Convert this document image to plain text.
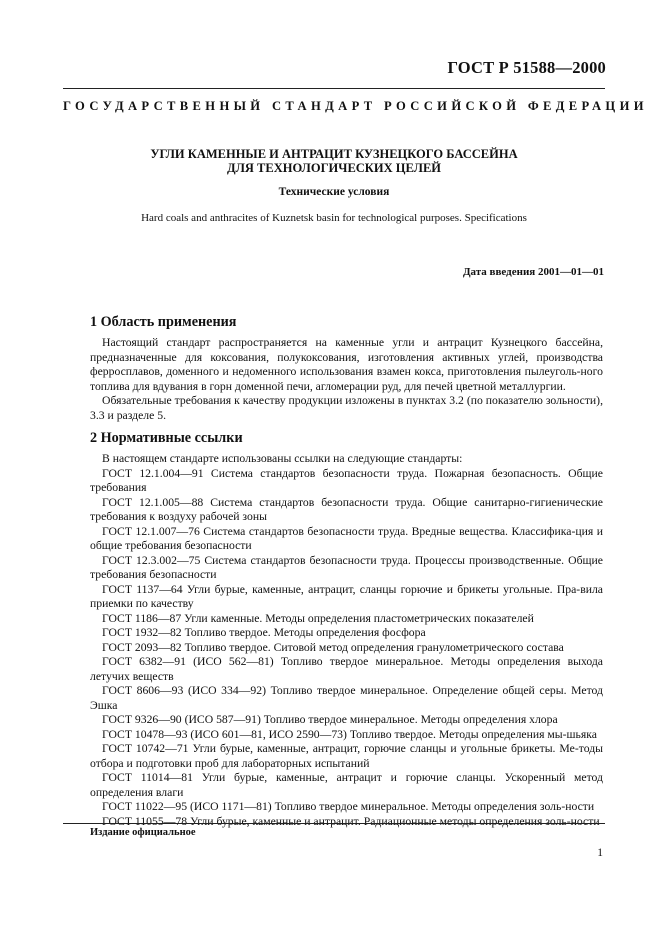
ГОСТ Р 51588—2000
ГОСУДАРСТВЕННЫЙ СТАНДАРТ РОССИЙСКОЙ ФЕДЕРАЦИИ
УГЛИ КАМЕННЫЕ И АНТРАЦИТ КУЗНЕЦКОГО БАССЕЙНА
ДЛЯ ТЕХНОЛОГИЧЕСКИХ ЦЕЛЕЙ
Технические условия
Hard coals and anthracites of Kuznetsk basin for technological purposes. Specifications
Дата введения 2001—01—01
1 Область применения

Настоящий стандарт распространяется на каменные угли и антрацит Кузнецкого бассейна, предназначенные для коксования, полукоксования, изготовления активных углей, производства ферросплавов, доменного и недоменного использования взамен кокса, приготовления пылеуголь-ного топлива для вдувания в горн доменной печи, агломерации руд, для печей цветной металлургии.

Обязательные требования к качеству продукции изложены в пунктах 3.2 (по показателю зольности), 3.3 и разделе 5.

2 Нормативные ссылки

В настоящем стандарте использованы ссылки на следующие стандарты:

ГОСТ 12.1.004—91 Система стандартов безопасности труда. Пожарная безопасность. Общие требования

ГОСТ 12.1.005—88 Система стандартов безопасности труда. Общие санитарно-гигиенические требования к воздуху рабочей зоны

ГОСТ 12.1.007—76 Система стандартов безопасности труда. Вредные вещества. Классифика-ция и общие требования безопасности

ГОСТ 12.3.002—75 Система стандартов безопасности труда. Процессы производственные. Общие требования безопасности

ГОСТ 1137—64 Угли бурые, каменные, антрацит, сланцы горючие и брикеты угольные. Пра-вила приемки по качеству

ГОСТ 1186—87 Угли каменные. Методы определения пластометрических показателей

ГОСТ 1932—82 Топливо твердое. Методы определения фосфора

ГОСТ 2093—82 Топливо твердое. Ситовой метод определения гранулометрического состава

ГОСТ 6382—91 (ИСО 562—81) Топливо твердое минеральное. Методы определения выхода летучих веществ

ГОСТ 8606—93 (ИСО 334—92) Топливо твердое минеральное. Определение общей серы. Метод Эшка

ГОСТ 9326—90 (ИСО 587—91) Топливо твердое минеральное. Методы определения хлора

ГОСТ 10478—93 (ИСО 601—81, ИСО 2590—73) Топливо твердое. Методы определения мы-шьяка

ГОСТ 10742—71 Угли бурые, каменные, антрацит, горючие сланцы и угольные брикеты. Ме-тоды отбора и подготовки проб для лабораторных испытаний

ГОСТ 11014—81 Угли бурые, каменные, антрацит и горючие сланцы. Ускоренный метод определения влаги

ГОСТ 11022—95 (ИСО 1171—81) Топливо твердое минеральное. Методы определения золь-ности

ГОСТ 11055—78 Угли бурые, каменные и антрацит. Радиационные методы определения золь-ности

Издание официальное
1
